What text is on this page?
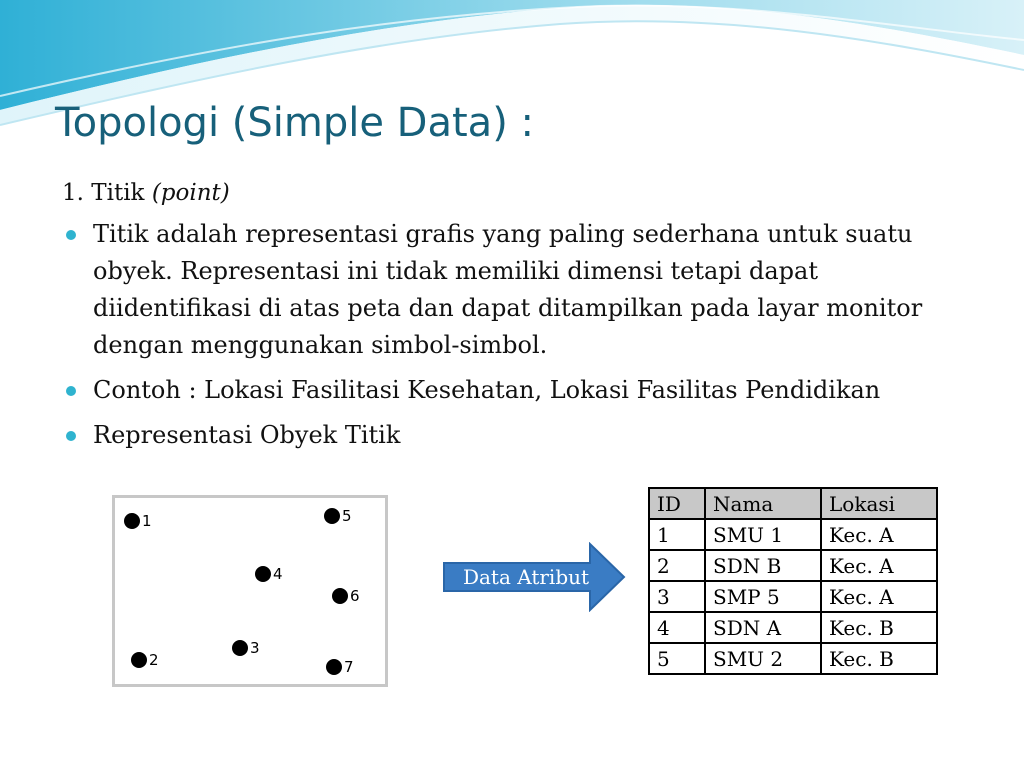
Topologi (Simple Data) :

1. Titik (point)

Titik adalah representasi grafis yang paling sederhana untuk suatu obyek. Representasi ini tidak memiliki dimensi tetapi dapat diidentifikasi di atas peta dan dapat ditampilkan pada layar monitor dengan menggunakan simbol-simbol.
Contoh : Lokasi Fasilitasi Kesehatan, Lokasi Fasilitas Pendidikan
Representasi Obyek Titik
1
2
3
4
5
6
7
Data Atribut
ID	Nama	Lokasi
1	SMU 1	Kec. A
2	SDN B	Kec. A
3	SMP 5	Kec. A
4	SDN A	Kec. B
5	SMU 2	Kec. B
